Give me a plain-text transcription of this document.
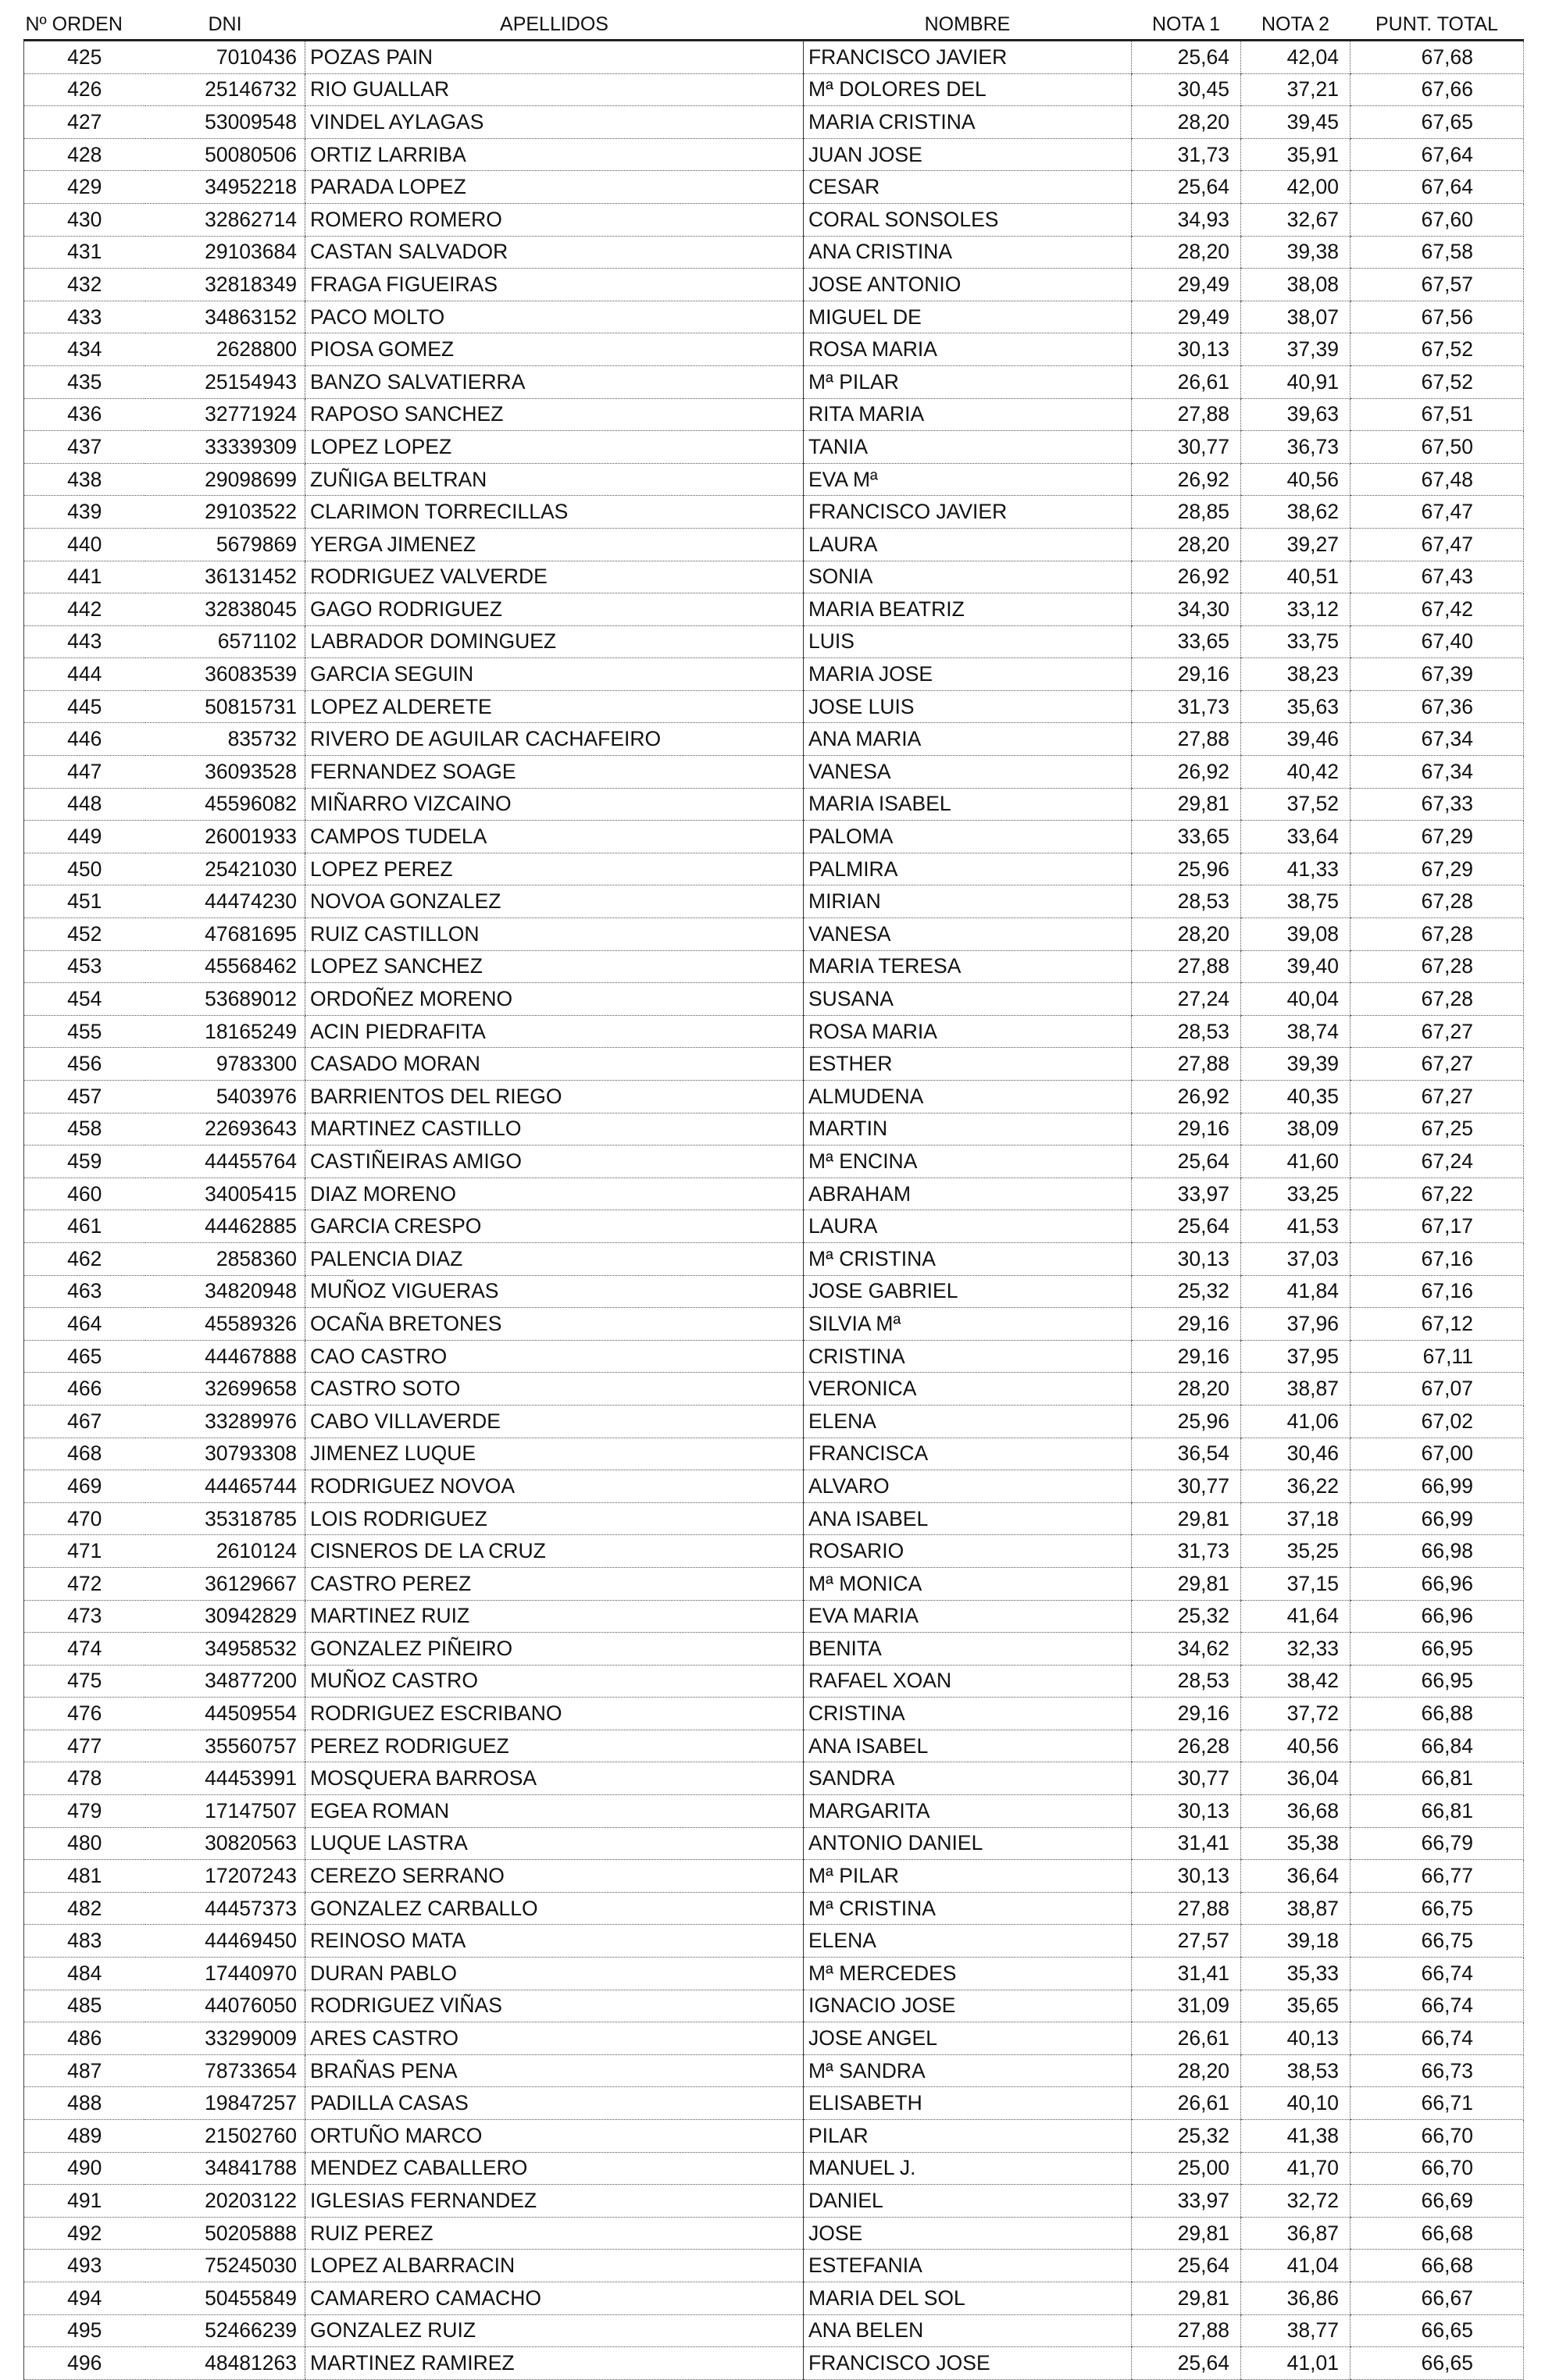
Nº ORDEN	DNI	APELLIDOS	NOMBRE	NOTA 1	NOTA 2	PUNT. TOTAL
425	7010436	POZAS PAIN	FRANCISCO JAVIER	25,64	42,04	67,68
426	25146732	RIO GUALLAR	Mª DOLORES DEL	30,45	37,21	67,66
427	53009548	VINDEL AYLAGAS	MARIA CRISTINA	28,20	39,45	67,65
428	50080506	ORTIZ LARRIBA	JUAN JOSE	31,73	35,91	67,64
429	34952218	PARADA LOPEZ	CESAR	25,64	42,00	67,64
430	32862714	ROMERO ROMERO	CORAL SONSOLES	34,93	32,67	67,60
431	29103684	CASTAN SALVADOR	ANA CRISTINA	28,20	39,38	67,58
432	32818349	FRAGA FIGUEIRAS	JOSE ANTONIO	29,49	38,08	67,57
433	34863152	PACO MOLTO	MIGUEL DE	29,49	38,07	67,56
434	2628800	PIOSA GOMEZ	ROSA MARIA	30,13	37,39	67,52
435	25154943	BANZO SALVATIERRA	Mª PILAR	26,61	40,91	67,52
436	32771924	RAPOSO SANCHEZ	RITA MARIA	27,88	39,63	67,51
437	33339309	LOPEZ LOPEZ	TANIA	30,77	36,73	67,50
438	29098699	ZUÑIGA BELTRAN	EVA Mª	26,92	40,56	67,48
439	29103522	CLARIMON TORRECILLAS	FRANCISCO JAVIER	28,85	38,62	67,47
440	5679869	YERGA JIMENEZ	LAURA	28,20	39,27	67,47
441	36131452	RODRIGUEZ VALVERDE	SONIA	26,92	40,51	67,43
442	32838045	GAGO RODRIGUEZ	MARIA BEATRIZ	34,30	33,12	67,42
443	6571102	LABRADOR DOMINGUEZ	LUIS	33,65	33,75	67,40
444	36083539	GARCIA SEGUIN	MARIA JOSE	29,16	38,23	67,39
445	50815731	LOPEZ ALDERETE	JOSE LUIS	31,73	35,63	67,36
446	835732	RIVERO DE AGUILAR CACHAFEIRO	ANA MARIA	27,88	39,46	67,34
447	36093528	FERNANDEZ SOAGE	VANESA	26,92	40,42	67,34
448	45596082	MIÑARRO VIZCAINO	MARIA ISABEL	29,81	37,52	67,33
449	26001933	CAMPOS TUDELA	PALOMA	33,65	33,64	67,29
450	25421030	LOPEZ PEREZ	PALMIRA	25,96	41,33	67,29
451	44474230	NOVOA GONZALEZ	MIRIAN	28,53	38,75	67,28
452	47681695	RUIZ CASTILLON	VANESA	28,20	39,08	67,28
453	45568462	LOPEZ SANCHEZ	MARIA TERESA	27,88	39,40	67,28
454	53689012	ORDOÑEZ MORENO	SUSANA	27,24	40,04	67,28
455	18165249	ACIN PIEDRAFITA	ROSA MARIA	28,53	38,74	67,27
456	9783300	CASADO MORAN	ESTHER	27,88	39,39	67,27
457	5403976	BARRIENTOS DEL RIEGO	ALMUDENA	26,92	40,35	67,27
458	22693643	MARTINEZ CASTILLO	MARTIN	29,16	38,09	67,25
459	44455764	CASTIÑEIRAS AMIGO	Mª ENCINA	25,64	41,60	67,24
460	34005415	DIAZ MORENO	ABRAHAM	33,97	33,25	67,22
461	44462885	GARCIA CRESPO	LAURA	25,64	41,53	67,17
462	2858360	PALENCIA DIAZ	Mª CRISTINA	30,13	37,03	67,16
463	34820948	MUÑOZ VIGUERAS	JOSE GABRIEL	25,32	41,84	67,16
464	45589326	OCAÑA BRETONES	SILVIA Mª	29,16	37,96	67,12
465	44467888	CAO CASTRO	CRISTINA	29,16	37,95	67,11
466	32699658	CASTRO SOTO	VERONICA	28,20	38,87	67,07
467	33289976	CABO VILLAVERDE	ELENA	25,96	41,06	67,02
468	30793308	JIMENEZ LUQUE	FRANCISCA	36,54	30,46	67,00
469	44465744	RODRIGUEZ NOVOA	ALVARO	30,77	36,22	66,99
470	35318785	LOIS RODRIGUEZ	ANA ISABEL	29,81	37,18	66,99
471	2610124	CISNEROS DE LA CRUZ	ROSARIO	31,73	35,25	66,98
472	36129667	CASTRO PEREZ	Mª MONICA	29,81	37,15	66,96
473	30942829	MARTINEZ RUIZ	EVA MARIA	25,32	41,64	66,96
474	34958532	GONZALEZ PIÑEIRO	BENITA	34,62	32,33	66,95
475	34877200	MUÑOZ CASTRO	RAFAEL XOAN	28,53	38,42	66,95
476	44509554	RODRIGUEZ ESCRIBANO	CRISTINA	29,16	37,72	66,88
477	35560757	PEREZ RODRIGUEZ	ANA ISABEL	26,28	40,56	66,84
478	44453991	MOSQUERA BARROSA	SANDRA	30,77	36,04	66,81
479	17147507	EGEA ROMAN	MARGARITA	30,13	36,68	66,81
480	30820563	LUQUE LASTRA	ANTONIO DANIEL	31,41	35,38	66,79
481	17207243	CEREZO SERRANO	Mª PILAR	30,13	36,64	66,77
482	44457373	GONZALEZ CARBALLO	Mª CRISTINA	27,88	38,87	66,75
483	44469450	REINOSO MATA	ELENA	27,57	39,18	66,75
484	17440970	DURAN PABLO	Mª MERCEDES	31,41	35,33	66,74
485	44076050	RODRIGUEZ VIÑAS	IGNACIO JOSE	31,09	35,65	66,74
486	33299009	ARES CASTRO	JOSE ANGEL	26,61	40,13	66,74
487	78733654	BRAÑAS PENA	Mª SANDRA	28,20	38,53	66,73
488	19847257	PADILLA CASAS	ELISABETH	26,61	40,10	66,71
489	21502760	ORTUÑO MARCO	PILAR	25,32	41,38	66,70
490	34841788	MENDEZ CABALLERO	MANUEL J.	25,00	41,70	66,70
491	20203122	IGLESIAS FERNANDEZ	DANIEL	33,97	32,72	66,69
492	50205888	RUIZ PEREZ	JOSE	29,81	36,87	66,68
493	75245030	LOPEZ ALBARRACIN	ESTEFANIA	25,64	41,04	66,68
494	50455849	CAMARERO CAMACHO	MARIA DEL SOL	29,81	36,86	66,67
495	52466239	GONZALEZ RUIZ	ANA BELEN	27,88	38,77	66,65
496	48481263	MARTINEZ RAMIREZ	FRANCISCO JOSE	25,64	41,01	66,65
